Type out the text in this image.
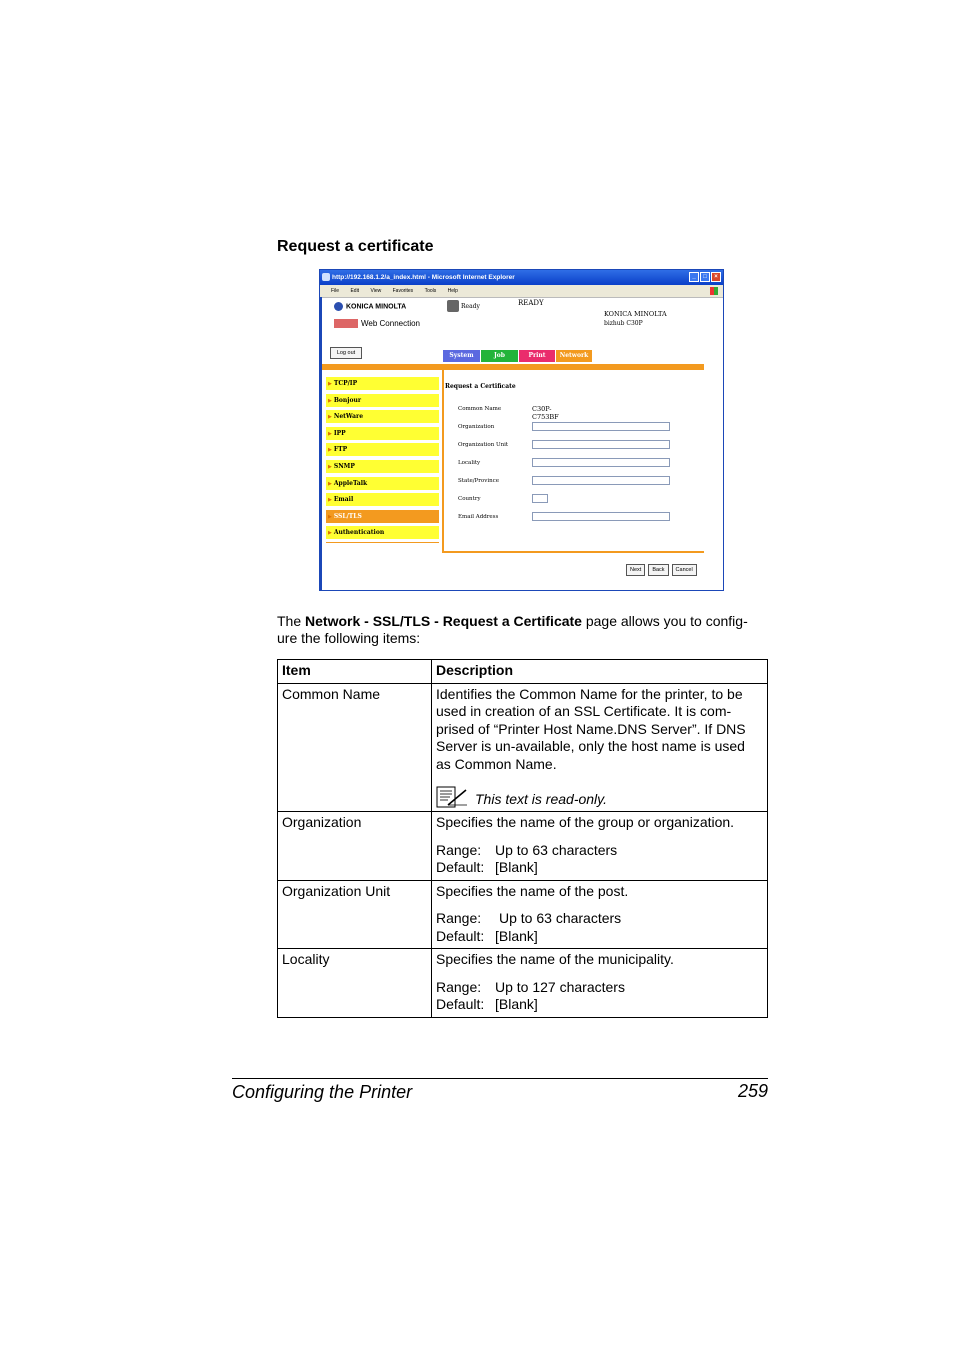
Request a certificate
http://192.168.1.2/a_index.html - Microsoft Internet Explorer	_	□	×
File Edit View Favorites Tools Help
KONICA MINOLTA
Web Connection
Ready	READY
KONICA MINOLTA
bizhub C30P
Log out	System	Job	Print	Network
▶ TCP/IP
▶ Bonjour
▶ NetWare
▶ IPP
▶ FTP
▶ SNMP
▶ AppleTalk
▶ Email
▶ SSL/TLS
▶ Authentication
Request a Certificate
Common Name	C30P-C753BF
Organization
Organization Unit
Locality
State/Province
Country
Email Address
Next	Back	Cancel
The Network - SSL/TLS - Request a Certificate page allows you to config-ure the following items:
Item	Description
Common Name	Identifies the Common Name for the printer, to be used in creation of an SSL Certificate. It is com-prised of “Printer Host Name.DNS Server”. If DNS Server is un-available, only the host name is used as Common Name.

This text is read-only.

Organization	Specifies the name of the group or organization.

Range: Up to 63 characters
Default: [Blank]

Organization Unit	Specifies the name of the post.

Range: Up to 63 characters
Default: [Blank]

Locality	Specifies the name of the municipality.

Range: Up to 127 characters
Default: [Blank]
Configuring the Printer	259
